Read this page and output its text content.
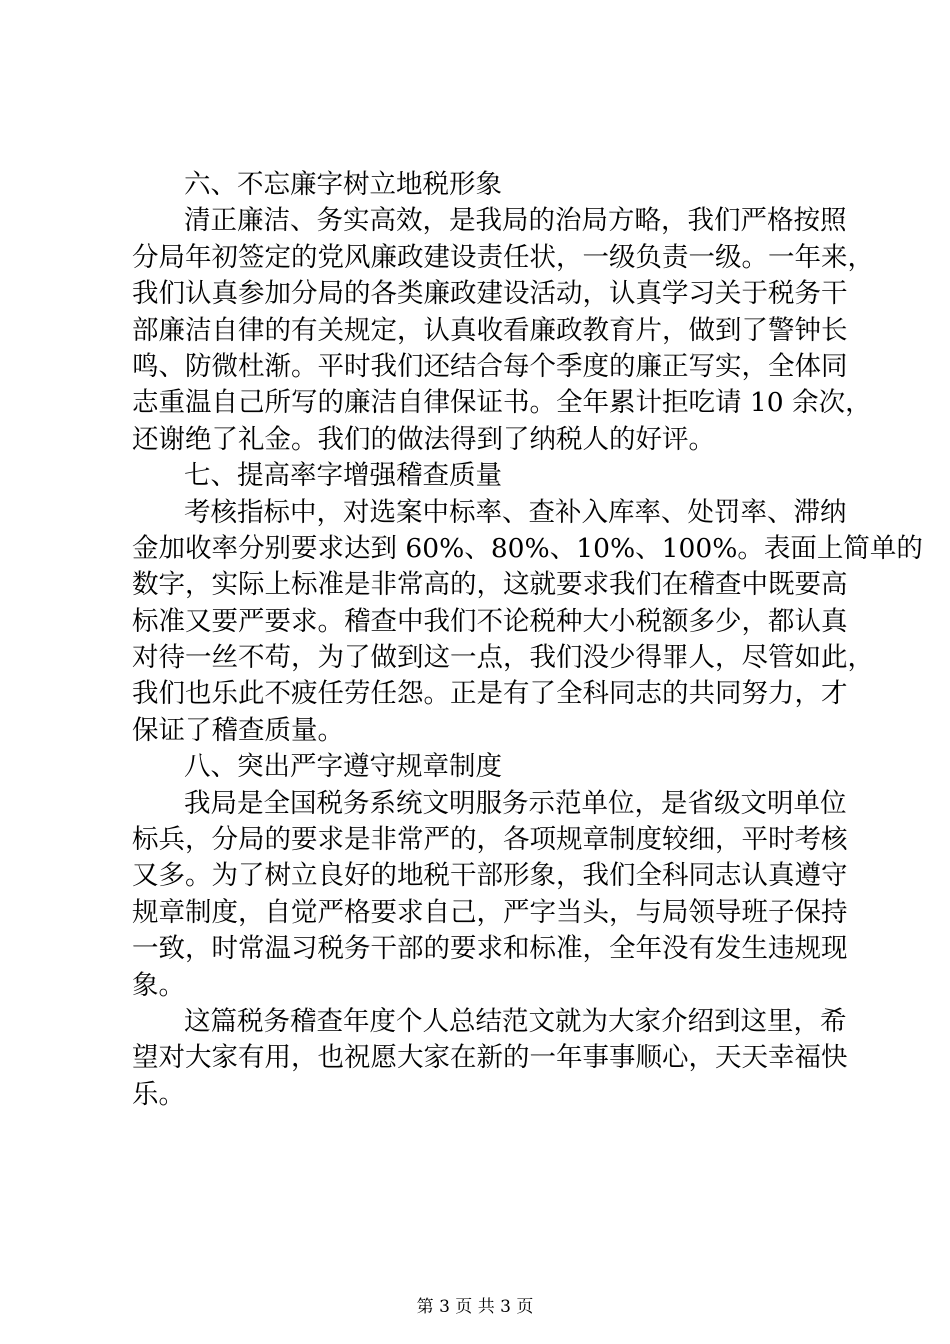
六、不忘廉字树立地税形象
清正廉洁、务实高效，是我局的治局方略，我们严格按照
分局年初签定的党风廉政建设责任状，一级负责一级。一年来，
我们认真参加分局的各类廉政建设活动，认真学习关于税务干
部廉洁自律的有关规定，认真收看廉政教育片，做到了警钟长
鸣、防微杜渐。平时我们还结合每个季度的廉正写实，全体同
志重温自己所写的廉洁自律保证书。全年累计拒吃请 10 余次，
还谢绝了礼金。我们的做法得到了纳税人的好评。
七、提高率字增强稽查质量
考核指标中，对选案中标率、查补入库率、处罚率、滞纳
金加收率分别要求达到 60%、80%、10%、100%。表面上简单的
数字，实际上标准是非常高的，这就要求我们在稽查中既要高
标准又要严要求。稽查中我们不论税种大小税额多少，都认真
对待一丝不苟，为了做到这一点，我们没少得罪人，尽管如此，
我们也乐此不疲任劳任怨。正是有了全科同志的共同努力，才
保证了稽查质量。
八、突出严字遵守规章制度
我局是全国税务系统文明服务示范单位，是省级文明单位
标兵，分局的要求是非常严的，各项规章制度较细，平时考核
又多。为了树立良好的地税干部形象，我们全科同志认真遵守
规章制度，自觉严格要求自己，严字当头，与局领导班子保持
一致，时常温习税务干部的要求和标准，全年没有发生违规现
象。
这篇税务稽查年度个人总结范文就为大家介绍到这里，希
望对大家有用，也祝愿大家在新的一年事事顺心，天天幸福快
乐。
第 3 页 共 3 页
